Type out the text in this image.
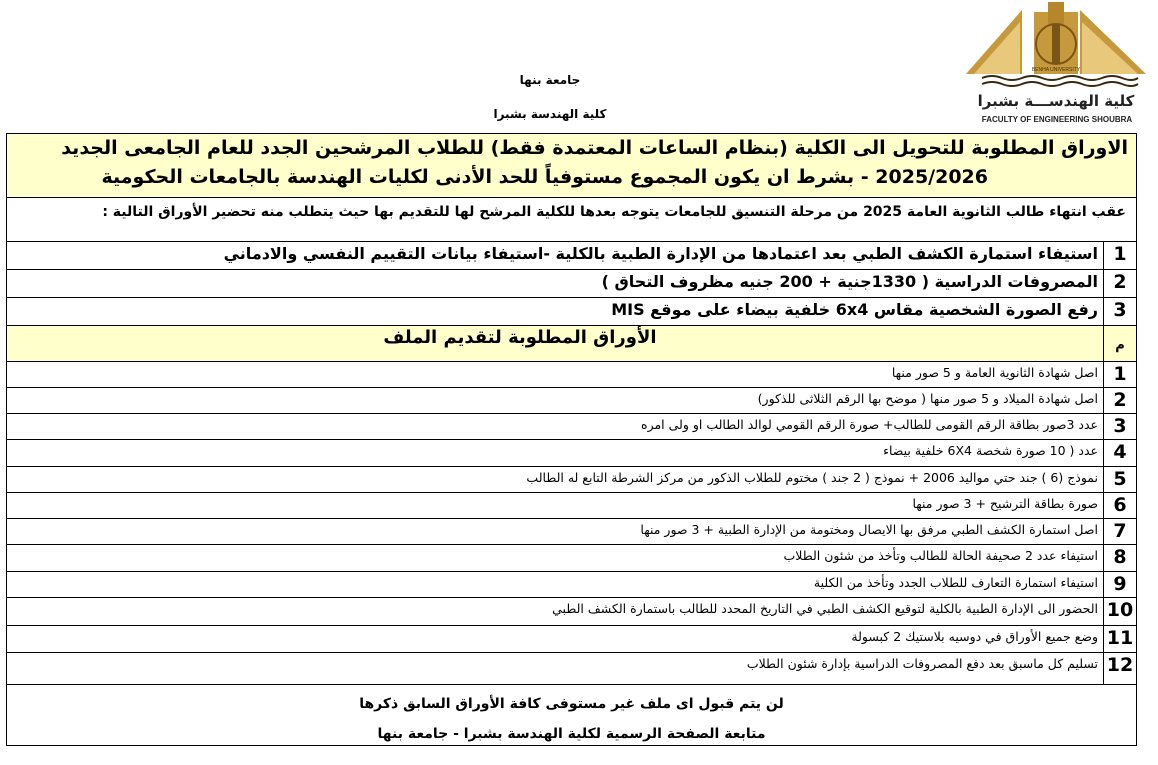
جامعة بنها
كلية الهندسة بشبرا
BENHA UNIVERSITY
كلية الهندســـة بشبرا
FACULTY OF ENGINEERING SHOUBRA
الاوراق المطلوبة للتحويل الى الكلية (بنظام الساعات المعتمدة فقط) للطلاب المرشحين الجدد للعام الجامعى الجديد
2025/2026 - بشرط ان يكون المجموع مستوفياً للحد الأدنى لكليات الهندسة بالجامعات الحكومية
عقب انتهاء طالب الثانوية العامة 2025 من مرحلة التنسيق للجامعات يتوجه بعدها للكلية المرشح لها للتقديم بها حيث يتطلب منه تحضير الأوراق التالية :
1
استيفاء استمارة الكشف الطبي بعد اعتمادها من الإدارة الطبية بالكلية -استيفاء بيانات التقييم النفسي والادماني
2
المصروفات الدراسية ( 1330جنية + 200 جنيه مظروف التحاق )
3
رفع الصورة الشخصية مقاس 6x4 خلفية بيضاء على موقع MIS
م
الأوراق المطلوبة لتقديم الملف
1
اصل شهادة الثانوية العامة و 5 صور منها
2
اصل شهادة الميلاد و 5 صور منها ( موضح بها الرقم الثلاثى للذكور)
3
عدد 3صور بطاقة الرقم القومى للطالب+ صورة الرقم القومي لوالد الطالب او ولى امره
4
عدد ( 10 صورة شخصة 6X4 خلفية بيضاء
5
نموذج (6 ) جند حتي مواليد 2006 + نموذج ( 2 جند ) مختوم للطلاب الذكور من مركز الشرطة التابع له الطالب
6
صورة بطاقة الترشيح + 3 صور منها
7
اصل استمارة الكشف الطبي مرفق بها الايصال ومختومة من الإدارة الطبية + 3 صور منها
8
استيفاء عدد 2 صحيفة الحالة للطالب وتأخذ من شئون الطلاب
9
استيفاء استمارة التعارف للطلاب الجدد وتأخذ من الكلية
10
الحضور الى الإدارة الطبية بالكلية لتوقيع الكشف الطبي في التاريخ المحدد للطالب باستمارة الكشف الطبي
11
وضع جميع الأوراق في دوسيه بلاستيك 2 كبسولة
12
تسليم كل ماسبق بعد دفع المصروفات الدراسية بإدارة شئون الطلاب
لن يتم قبول اى ملف غير مستوفى كافة الأوراق السابق ذكرها
متابعة الصفحة الرسمية لكلية الهندسة بشبرا - جامعة بنها
